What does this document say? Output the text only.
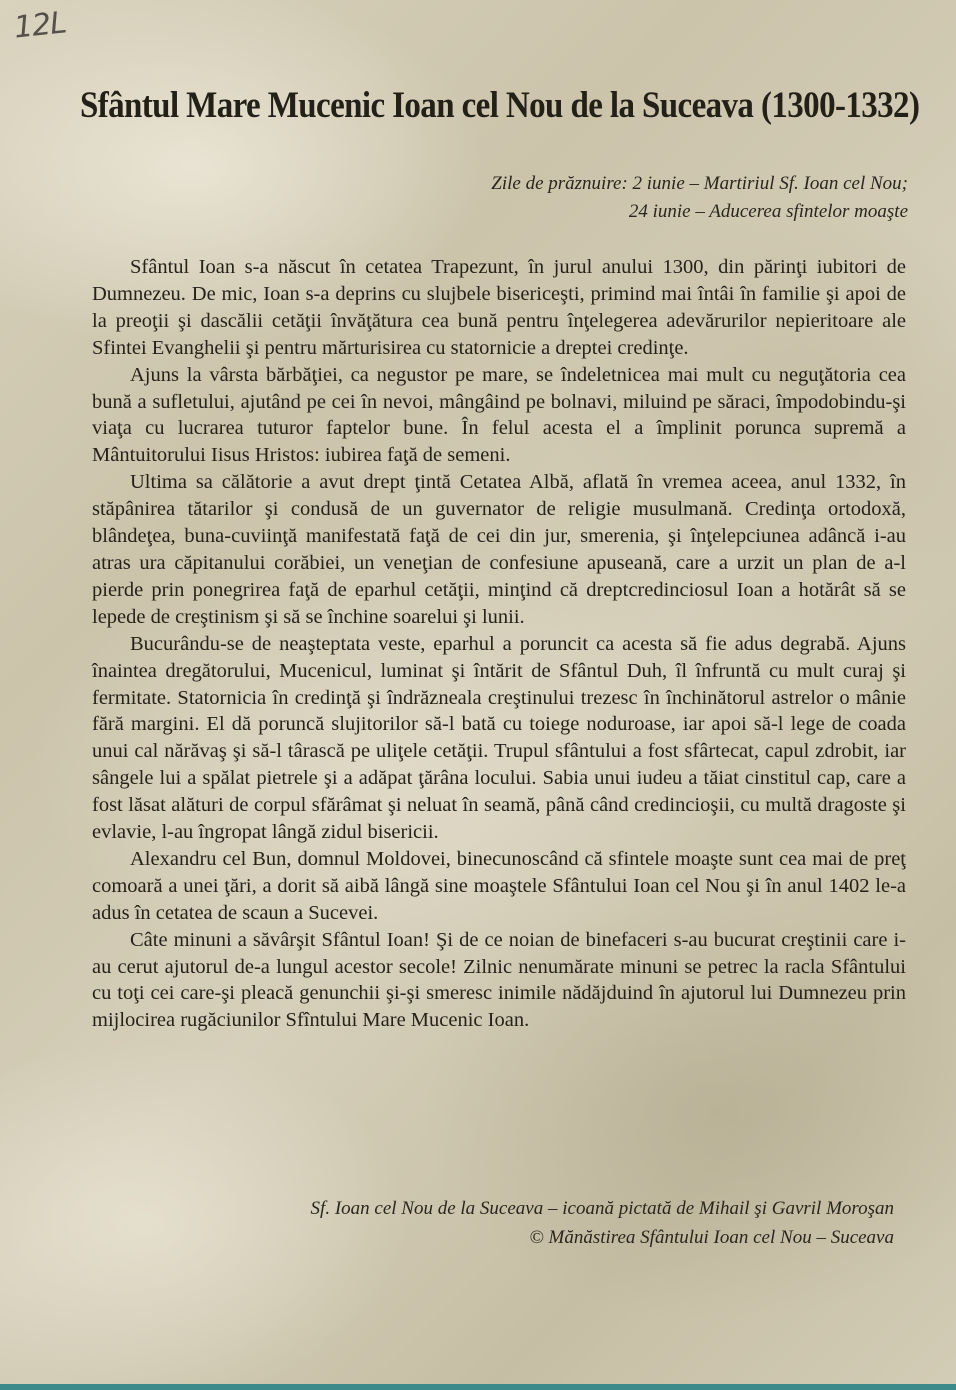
12L
Sfântul Mare Mucenic Ioan cel Nou de la Suceava (1300-1332)
Zile de prăznuire: 2 iunie – Martiriul Sf. Ioan cel Nou;
24 iunie – Aducerea sfintelor moaşte

Sfântul Ioan s-a născut în cetatea Trapezunt, în jurul anului 1300, din părinţi iubitori de Dumnezeu. De mic, Ioan s-a deprins cu slujbele bisericeşti, primind mai întâi în familie şi apoi de la preoţii şi dascălii cetăţii învăţătura cea bună pentru înţelegerea adevărurilor nepieritoare ale Sfintei Evanghelii şi pentru mărturisirea cu statornicie a dreptei credinţe.

Ajuns la vârsta bărbăţiei, ca negustor pe mare, se îndeletnicea mai mult cu neguţătoria cea bună a sufletului, ajutând pe cei în nevoi, mângâind pe bolnavi, miluind pe săraci, împodobindu-şi viaţa cu lucrarea tuturor faptelor bune. În felul acesta el a împlinit porunca supremă a Mântuitorului Iisus Hristos: iubirea faţă de semeni.

Ultima sa călătorie a avut drept ţintă Cetatea Albă, aflată în vremea aceea, anul 1332, în stăpânirea tătarilor şi condusă de un guvernator de religie musulmană. Credinţa ortodoxă, blândeţea, buna-cuviinţă manifestată faţă de cei din jur, smerenia, şi înţelepciunea adâncă i-au atras ura căpitanului corăbiei, un veneţian de confesiune apuseană, care a urzit un plan de a-l pierde prin ponegrirea faţă de eparhul cetăţii, minţind că dreptcredinciosul Ioan a hotărât să se lepede de creştinism şi să se închine soarelui şi lunii.

Bucurându-se de neaşteptata veste, eparhul a poruncit ca acesta să fie adus degrabă. Ajuns înaintea dregătorului, Mucenicul, luminat şi întărit de Sfântul Duh, îl înfruntă cu mult curaj şi fermitate. Statornicia în credinţă şi îndrăzneala creştinului trezesc în închinătorul astrelor o mânie fără margini. El dă poruncă slujitorilor să-l bată cu toiege noduroase, iar apoi să-l lege de coada unui cal nărăvaş şi să-l târască pe uliţele cetăţii. Trupul sfântului a fost sfârtecat, capul zdrobit, iar sângele lui a spălat pietrele şi a adăpat ţărâna locului. Sabia unui iudeu a tăiat cinstitul cap, care a fost lăsat alături de corpul sfărâmat şi neluat în seamă, până când credincioşii, cu multă dragoste şi evlavie, l-au îngropat lângă zidul bisericii.

Alexandru cel Bun, domnul Moldovei, binecunoscând că sfintele moaşte sunt cea mai de preţ comoară a unei ţări, a dorit să aibă lângă sine moaştele Sfântului Ioan cel Nou şi în anul 1402 le-a adus în cetatea de scaun a Sucevei.

Câte minuni a săvârşit Sfântul Ioan! Şi de ce noian de binefaceri s-au bucurat creştinii care i-au cerut ajutorul de-a lungul acestor secole! Zilnic nenumărate minuni se petrec la racla Sfântului cu toţi cei care-şi pleacă genunchii şi-şi smeresc inimile nădăjduind în ajutorul lui Dumnezeu prin mijlocirea rugăciunilor Sfîntului Mare Mucenic Ioan.

Sf. Ioan cel Nou de la Suceava – icoană pictată de Mihail şi Gavril Moroşan
© Mănăstirea Sfântului Ioan cel Nou – Suceava
